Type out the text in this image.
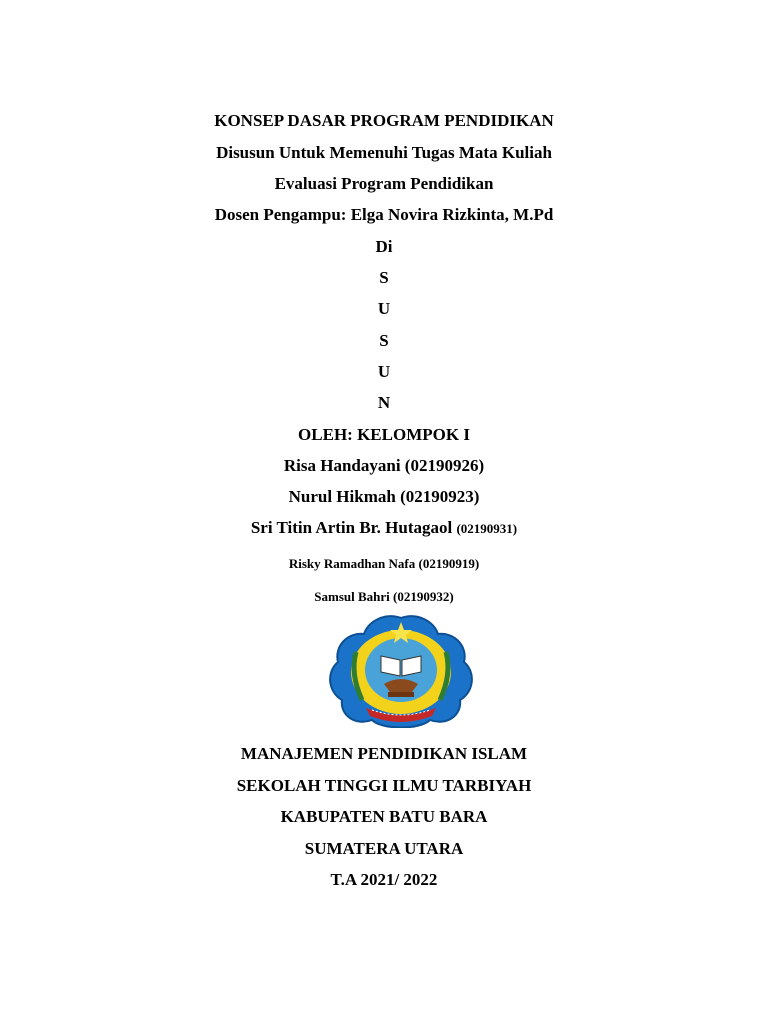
KONSEP DASAR PROGRAM PENDIDIKAN
Disusun Untuk Memenuhi Tugas Mata Kuliah
Evaluasi Program Pendidikan
Dosen Pengampu: Elga Novira Rizkinta, M.Pd
Di
S
U
S
U
N
OLEH: KELOMPOK I
Risa Handayani (02190926)
Nurul Hikmah (02190923)
Sri Titin Artin Br. Hutagaol (02190931)
Risky Ramadhan Nafa (02190919)
Samsul Bahri (02190932)
MANAJEMEN PENDIDIKAN ISLAM
SEKOLAH TINGGI ILMU TARBIYAH
KABUPATEN BATU BARA
SUMATERA UTARA
T.A 2021/ 2022
